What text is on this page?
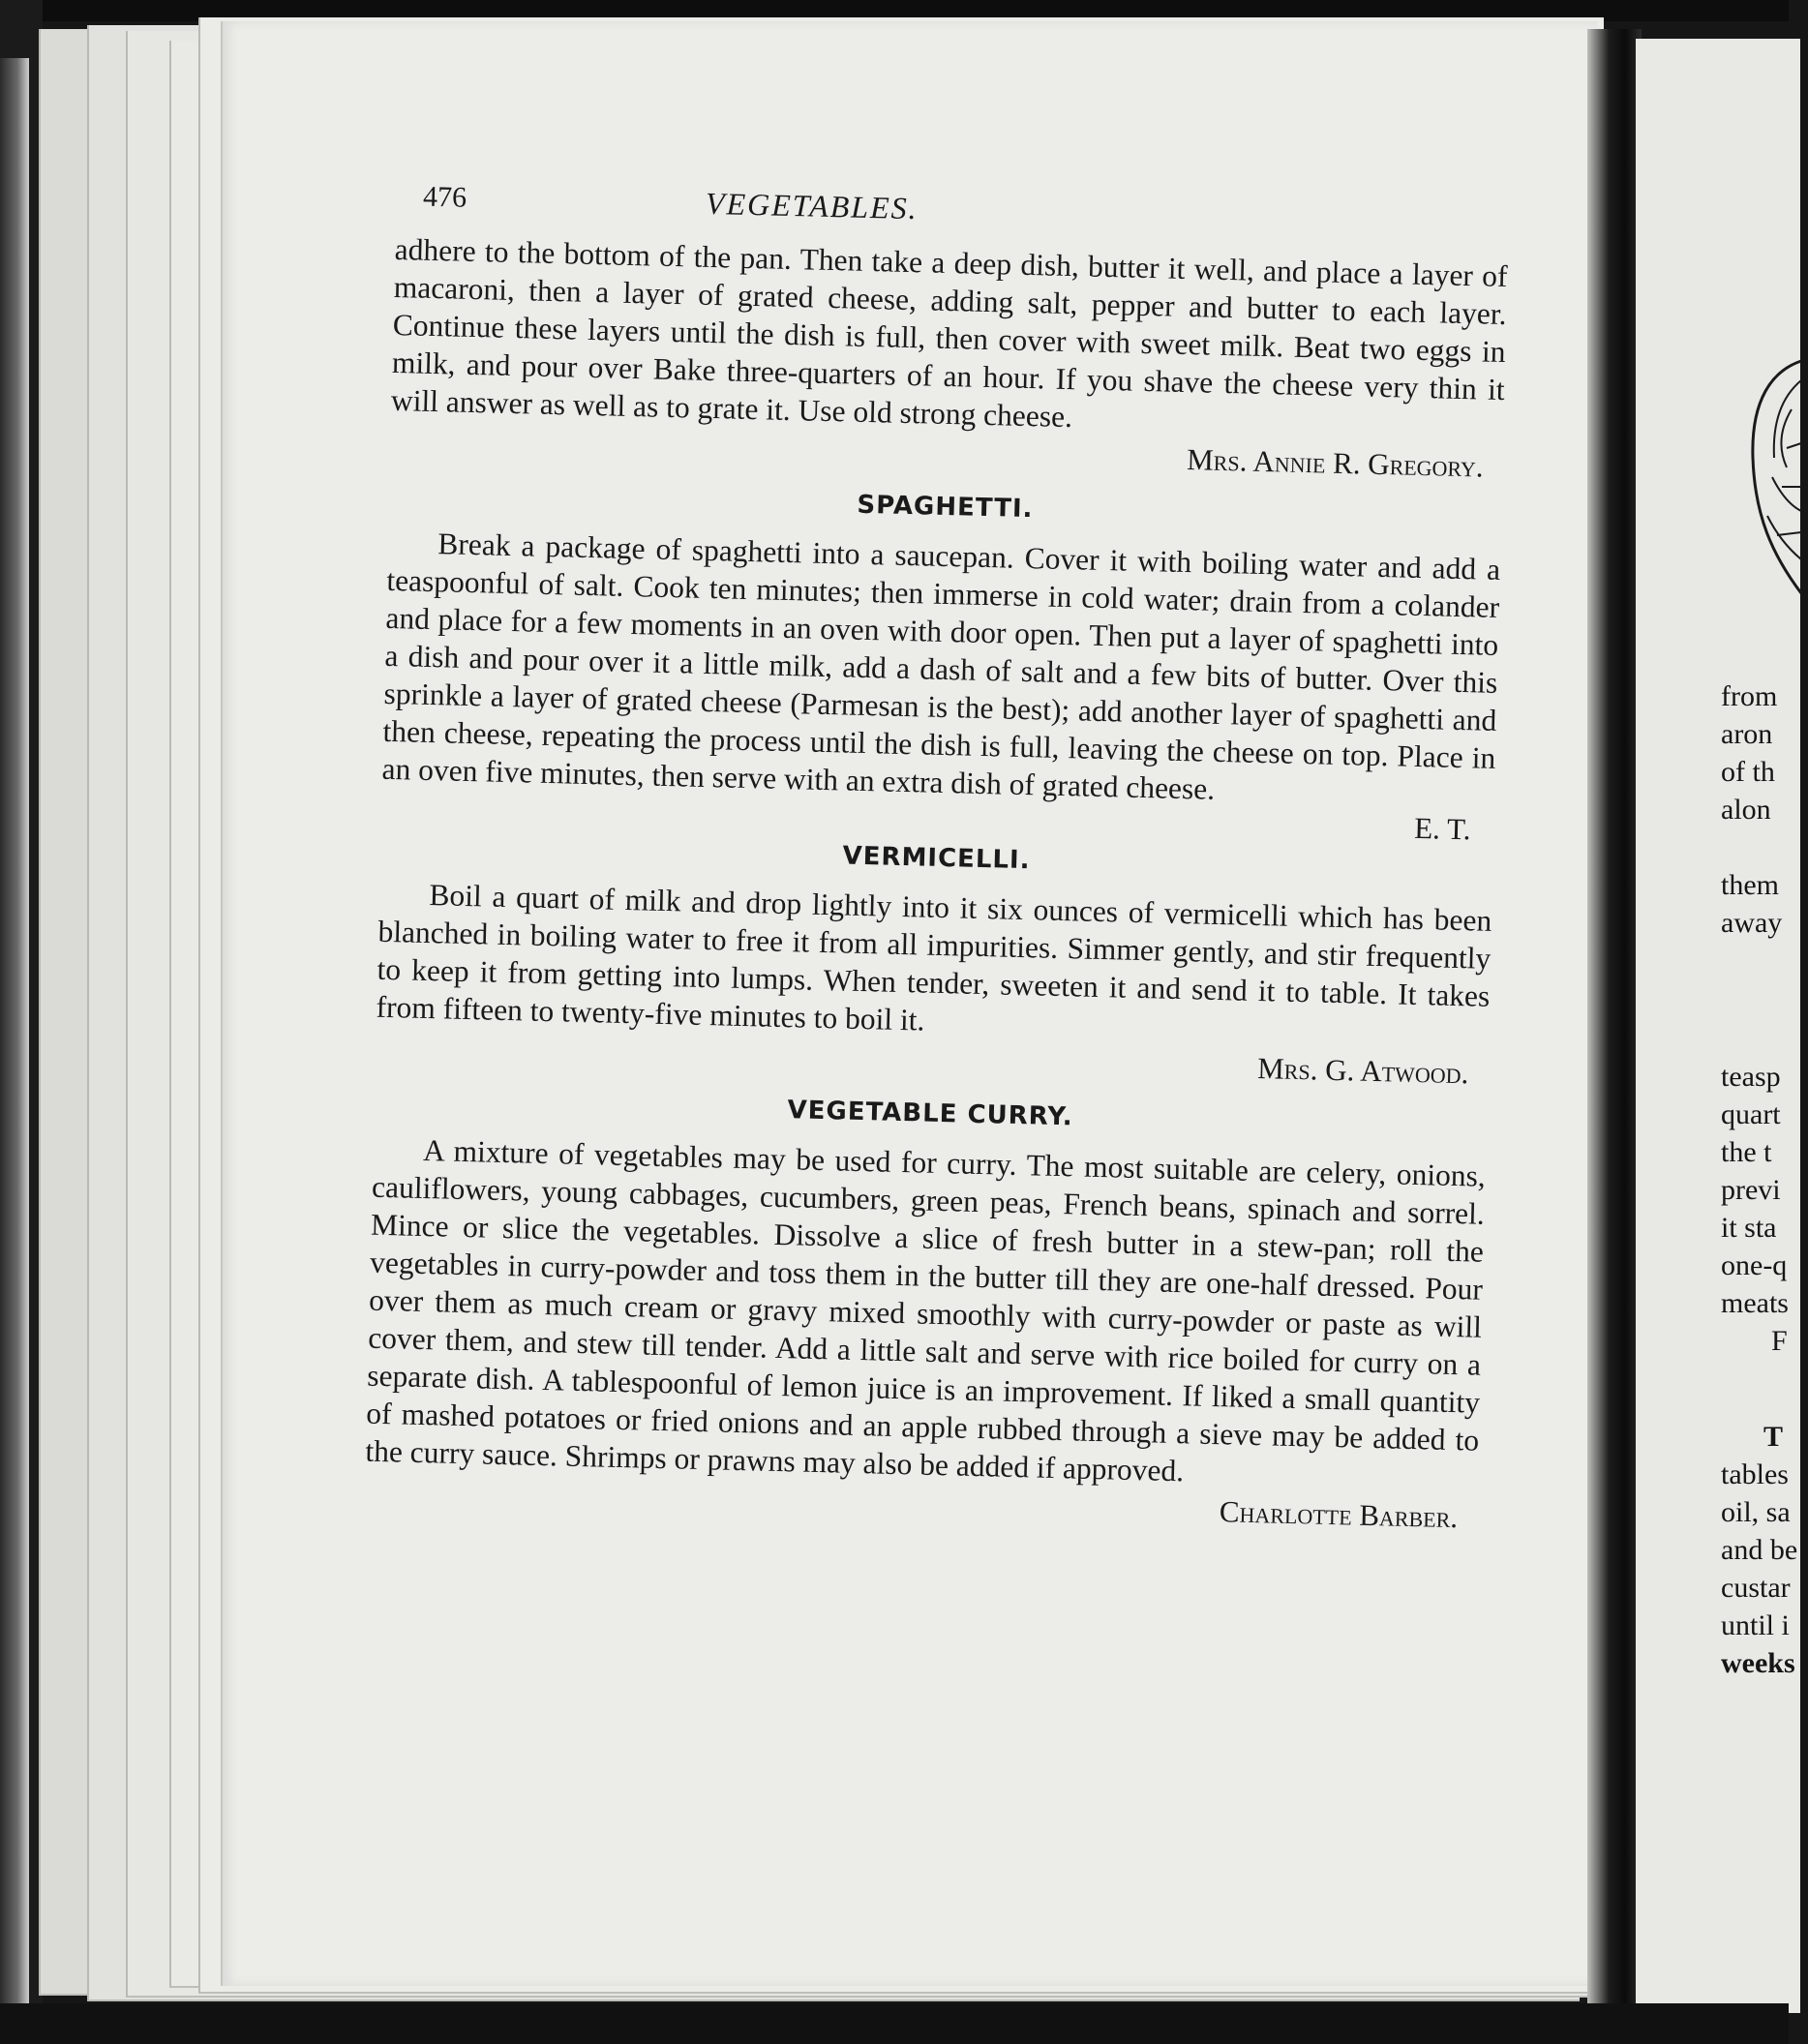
476	VEGETABLES.

adhere to the bottom of the pan. Then take a deep dish, butter it well, and place a layer of macaroni, then a layer of grated cheese, adding salt, pepper and butter to each layer. Continue these layers until the dish is full, then cover with sweet milk. Beat two eggs in milk, and pour over Bake three-quarters of an hour. If you shave the cheese very thin it will answer as well as to grate it. Use old strong cheese.

Mrs. Annie R. Gregory.

SPAGHETTI.

Break a package of spaghetti into a saucepan. Cover it with boiling water and add a teaspoonful of salt. Cook ten minutes; then immerse in cold water; drain from a colander and place for a few moments in an oven with door open. Then put a layer of spaghetti into a dish and pour over it a little milk, add a dash of salt and a few bits of butter. Over this sprinkle a layer of grated cheese (Parmesan is the best); add another layer of spaghetti and then cheese, repeating the process until the dish is full, leaving the cheese on top. Place in an oven five minutes, then serve with an extra dish of grated cheese.

E. T.
VERMICELLI.

Boil a quart of milk and drop lightly into it six ounces of vermicelli which has been blanched in boiling water to free it from all impurities. Simmer gently, and stir frequently to keep it from getting into lumps. When tender, sweeten it and send it to table. It takes from fifteen to twenty-five minutes to boil it.

Mrs. G. Atwood.

VEGETABLE CURRY.

A mixture of vegetables may be used for curry. The most suitable are celery, onions, cauliflowers, young cabbages, cucumbers, green peas, French beans, spinach and sorrel. Mince or slice the vegetables. Dissolve a slice of fresh butter in a stew-pan; roll the vegetables in curry-powder and toss them in the butter till they are one-half dressed. Pour over them as much cream or gravy mixed smoothly with curry-powder or paste as will cover them, and stew till tender. Add a little salt and serve with rice boiled for curry on a separate dish. A tablespoonful of lemon juice is an improvement. If liked a small quantity of mashed potatoes or fried onions and an apple rubbed through a sieve may be added to the curry sauce. Shrimps or prawns may also be added if approved.

Charlotte Barber.

from
aron
of th
alon
them
away
teasp
quart
the t
previ
it sta
one-q
meats
F
T
tables
oil, sa
and be
custar
until i
weeks
